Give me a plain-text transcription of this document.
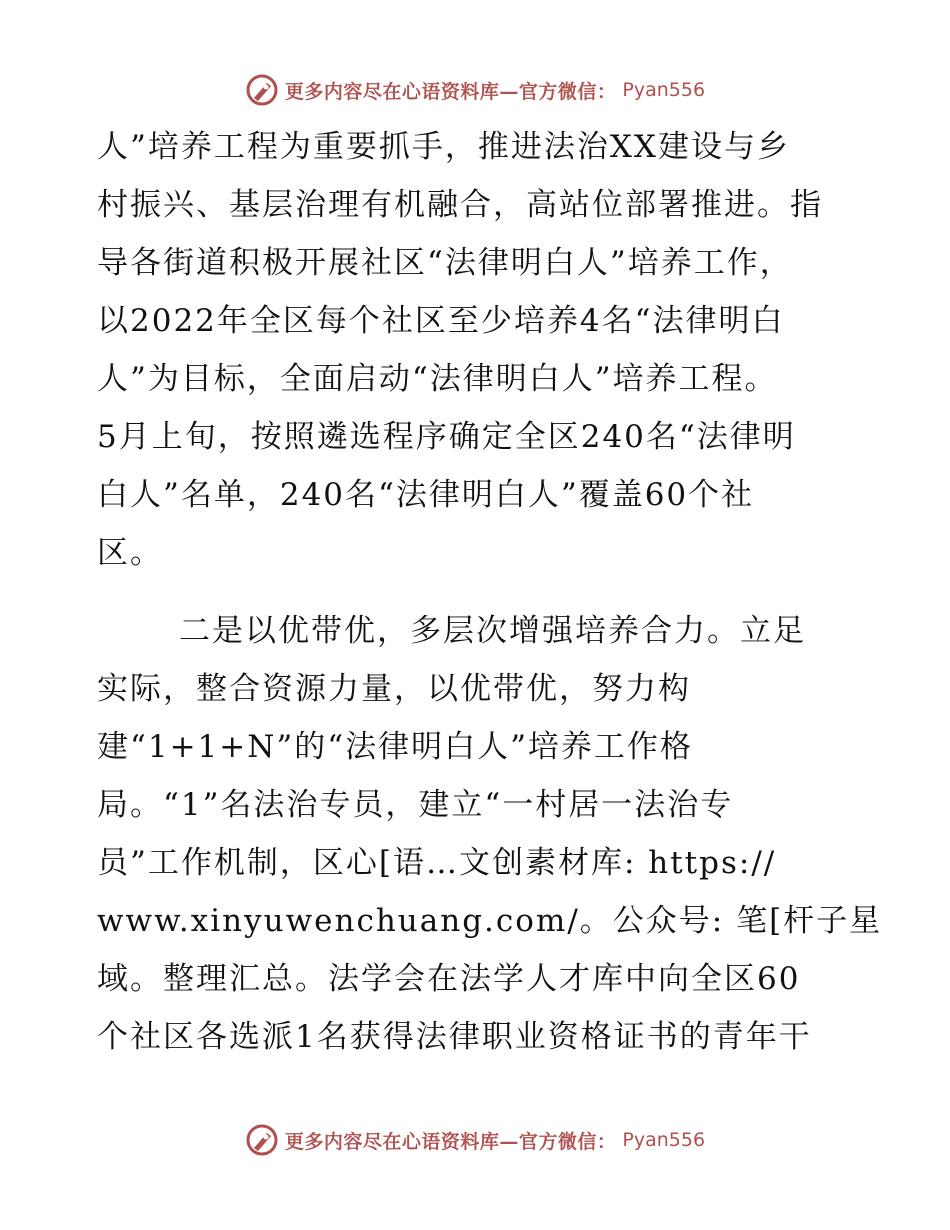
更多内容尽在心语资料库—官方微信： Pyan556
人”培养工程为重要抓手，推进法治XX建设与乡
村振兴、基层治理有机融合，高站位部署推进。指
导各街道积极开展社区“法律明白人”培养工作，
以2022年全区每个社区至少培养4名“法律明白
人”为目标，全面启动“法律明白人”培养工程。
5月上旬，按照遴选程序确定全区240名“法律明
白人”名单，240名“法律明白人”覆盖60个社
区。
二是以优带优，多层次增强培养合力。立足
实际，整合资源力量，以优带优，努力构
建“1+1+N”的“法律明白人”培养工作格
局。“1”名法治专员，建立“一村居一法治专
员”工作机制，区心[语…文创素材库: https://
www.xinyuwenchuang.com/。公众号: 笔[杆子星
域。整理汇总。法学会在法学人才库中向全区60
个社区各选派1名获得法律职业资格证书的青年干
更多内容尽在心语资料库—官方微信： Pyan556
